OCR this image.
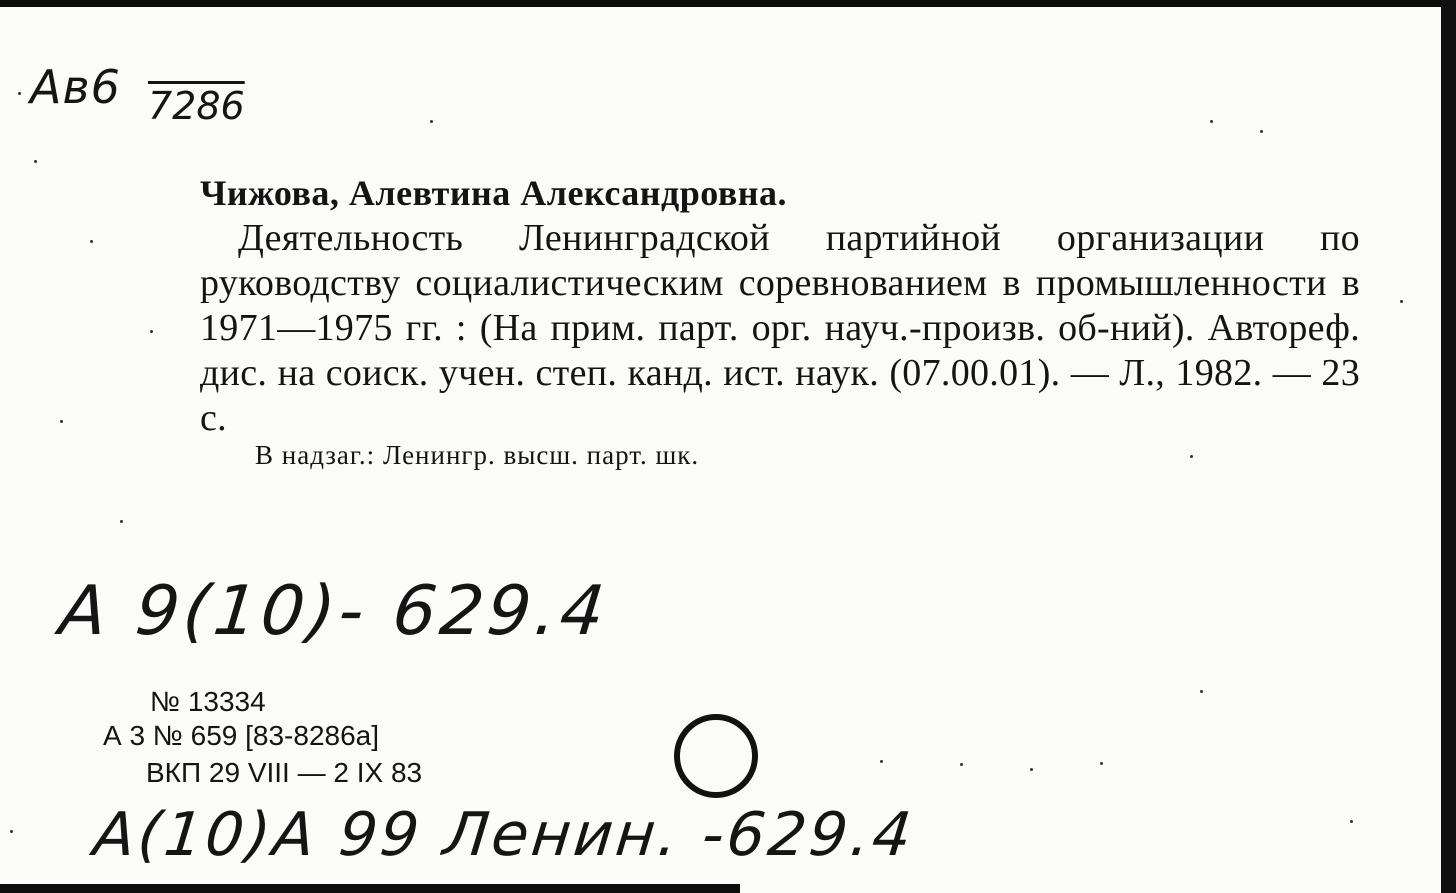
Ав6 7286
Чижова, Алевтина Александровна.
Деятельность Ленинградской партийной организации по руководству социалистическим соревнованием в промышленности в 1971—1975 гг. : (На прим. парт. орг. науч.-произв. об-ний). Автореф. дис. на соиск. учен. степ. канд. ист. наук. (07.00.01). — Л., 1982. — 23 с.
В надзаг.: Ленингр. высш. парт. шк.
А 9(10)- 629.4
№ 13334
А 3 № 659 [83-8286а]
ВКП 29 VIII — 2 IX 83
А(10)А 99 Ленин. -629.4
